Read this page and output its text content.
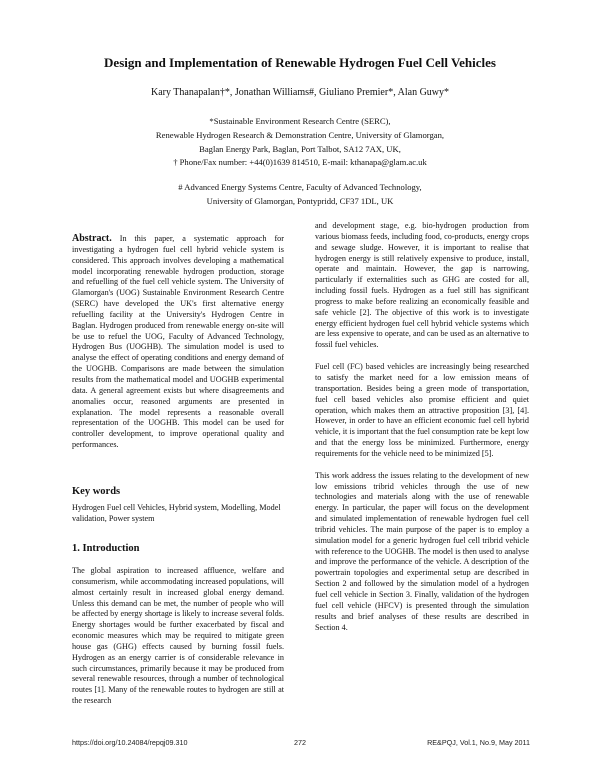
Design and Implementation of Renewable Hydrogen Fuel Cell Vehicles
Kary Thanapalan†*, Jonathan Williams#, Giuliano Premier*, Alan Guwy*
*Sustainable Environment Research Centre (SERC),
Renewable Hydrogen Research & Demonstration Centre, University of Glamorgan,
Baglan Energy Park, Baglan, Port Talbot, SA12 7AX, UK,
† Phone/Fax number: +44(0)1639 814510, E-mail: kthanapa@glam.ac.uk
# Advanced Energy Systems Centre, Faculty of Advanced Technology,
University of Glamorgan, Pontypridd, CF37 1DL, UK

Abstract. In this paper, a systematic approach for investigating a hydrogen fuel cell hybrid vehicle system is considered. This approach involves developing a mathematical model incorporating renewable hydrogen production, storage and refuelling of the fuel cell vehicle system. The University of Glamorgan's (UOG) Sustainable Environment Research Centre (SERC) have developed the UK's first alternative energy refuelling facility at the University's Hydrogen Centre in Baglan. Hydrogen produced from renewable energy on-site will be use to refuel the UOG, Faculty of Advanced Technology, Hydrogen Bus (UOGHB). The simulation model is used to analyse the effect of operating conditions and energy demand of the UOGHB. Comparisons are made between the simulation results from the mathematical model and UOGHB experimental data. A general agreement exists but where disagreements and anomalies occur, reasoned arguments are presented in explanation. The model represents a reasonable overall representation of the UOGHB. This model can be used for controller development, to improve operational quality and performances.

Key words
Hydrogen Fuel cell Vehicles, Hybrid system, Modelling, Model validation, Power system
1. Introduction

The global aspiration to increased affluence, welfare and consumerism, while accommodating increased populations, will almost certainly result in increased global energy demand. Unless this demand can be met, the number of people who will be affected by energy shortage is likely to increase several folds. Energy shortages would be further exacerbated by fiscal and economic measures which may be required to mitigate green house gas (GHG) effects caused by burning fossil fuels. Hydrogen as an energy carrier is of considerable relevance in such circumstances, primarily because it may be produced from several renewable resources, through a number of technological routes [1]. Many of the renewable routes to hydrogen are still at the research

and development stage, e.g. bio-hydrogen production from various biomass feeds, including food, co-products, energy crops and sewage sludge. However, it is important to realise that hydrogen energy is still relatively expensive to produce, install, operate and maintain. However, the gap is narrowing, particularly if externalities such as GHG are costed for all, including fossil fuels. Hydrogen as a fuel still has significant progress to make before realizing an economically feasible and safe vehicle [2]. The objective of this work is to investigate energy efficient hydrogen fuel cell hybrid vehicle systems which are less expensive to operate, and can be used as an alternative to fossil fuel vehicles.

Fuel cell (FC) based vehicles are increasingly being researched to satisfy the market need for a low emission means of transportation. Besides being a green mode of transportation, fuel cell based vehicles also promise efficient and quiet operation, which makes them an attractive proposition [3], [4]. However, in order to have an efficient economic fuel cell hybrid vehicle, it is important that the fuel consumption rate be kept low and that the energy loss be minimized. Furthermore, energy requirements for the vehicle need to be minimized [5].

This work address the issues relating to the development of new low emissions tribrid vehicles through the use of new technologies and materials along with the use of renewable energy. In particular, the paper will focus on the development and simulated implementation of renewable hydrogen fuel cell tribrid vehicles. The main purpose of the paper is to employ a simulation model for a generic hydrogen fuel cell tribrid vehicle with reference to the UOGHB. The model is then used to analyse and improve the performance of the vehicle. A description of the powertrain topologies and experimental setup are described in Section 2 and followed by the simulation model of a hydrogen fuel cell vehicle in Section 3. Finally, validation of the hydrogen fuel cell vehicle (HFCV) is presented through the simulation results and brief analyses of these results are described in Section 4.

https://doi.org/10.24084/repqj09.310	272	RE&PQJ, Vol.1, No.9, May 2011
